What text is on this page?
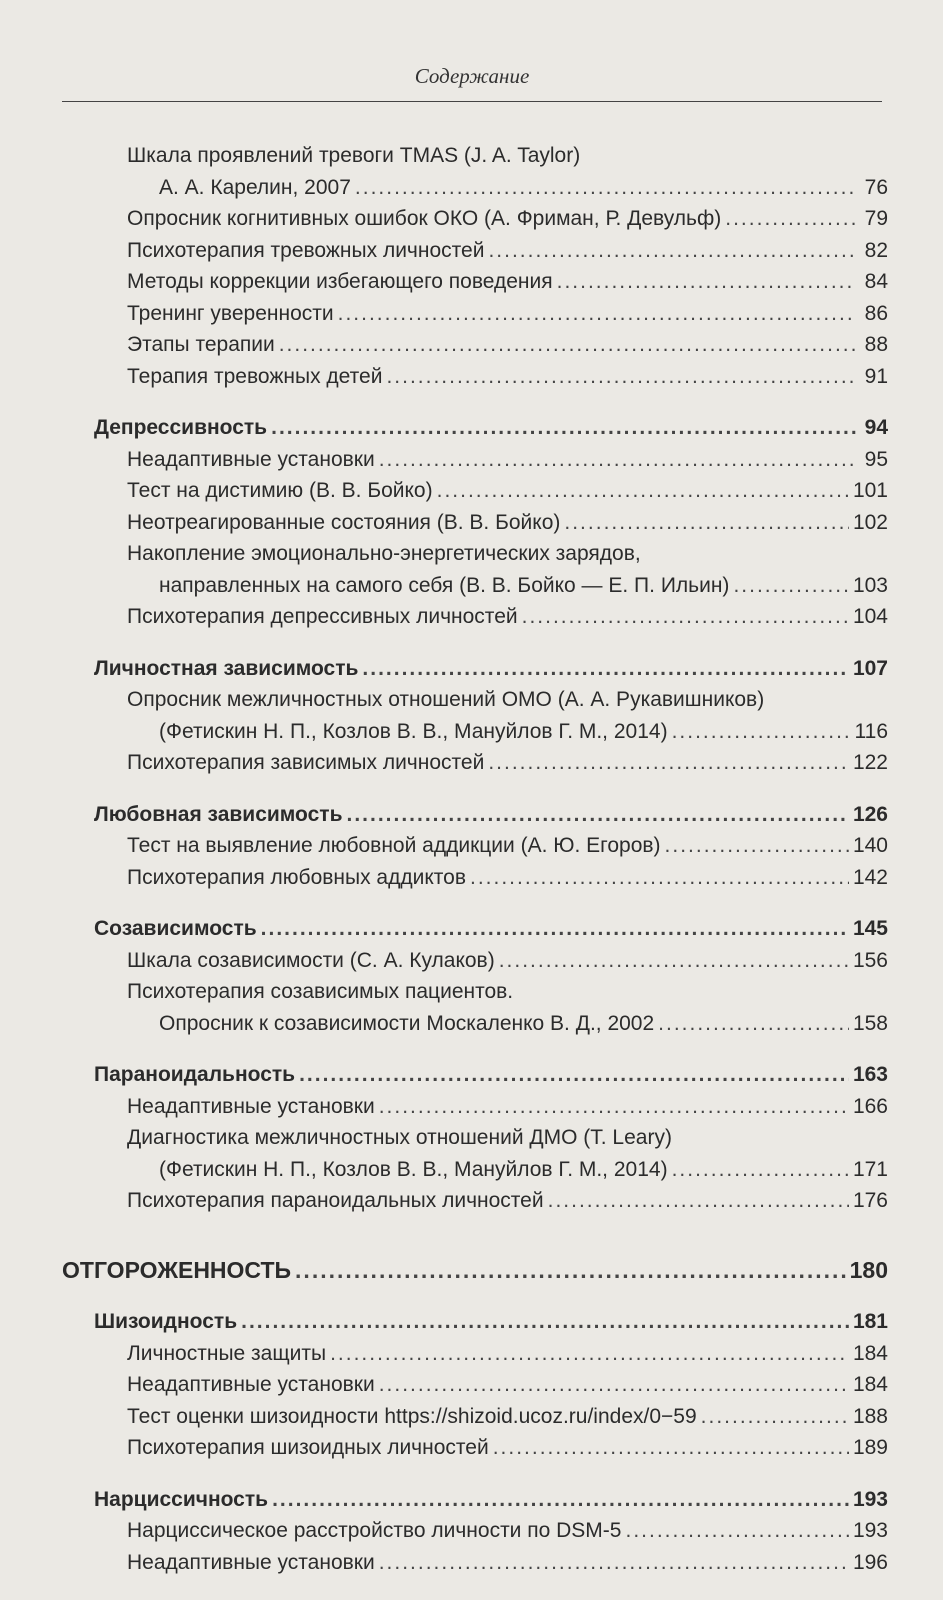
Содержание
Шкала проявлений тревоги TMAS (J. A. Taylor)
А. А. Карелин, 2007 .....	76
Опросник когнитивных ошибок ОКО (А. Фриман, Р. Девульф) .....	79
Психотерапия тревожных личностей .....	82
Методы коррекции избегающего поведения .....	84
Тренинг уверенности .....	86
Этапы терапии .....	88
Терапия тревожных детей .....	91
Депрессивность .....	94
Неадаптивные установки .....	95
Тест на дистимию (В. В. Бойко) .....	101
Неотреагированные состояния (В. В. Бойко) .....	102
Накопление эмоционально-энергетических зарядов,
направленных на самого себя (В. В. Бойко — Е. П. Ильин) .....	103
Психотерапия депрессивных личностей .....	104
Личностная зависимость .....	107
Опросник межличностных отношений ОМО (А. А. Рукавишников)
(Фетискин Н. П., Козлов В. В., Мануйлов Г. М., 2014) .....	116
Психотерапия зависимых личностей .....	122
Любовная зависимость .....	126
Тест на выявление любовной аддикции (А. Ю. Егоров) .....	140
Психотерапия любовных аддиктов .....	142
Созависимость .....	145
Шкала созависимости (С. А. Кулаков) .....	156
Психотерапия созависимых пациентов.
Опросник к созависимости Москаленко В. Д., 2002 .....	158
Параноидальность .....	163
Неадаптивные установки .....	166
Диагностика межличностных отношений ДМО (T. Leary)
(Фетискин Н. П., Козлов В. В., Мануйлов Г. М., 2014) .....	171
Психотерапия параноидальных личностей .....	176
ОТГОРОЖЕННОСТЬ .....	180
Шизоидность .....	181
Личностные защиты .....	184
Неадаптивные установки .....	184
Тест оценки шизоидности https://shizoid.ucoz.ru/index/0−59 .....	188
Психотерапия шизоидных личностей .....	189
Нарциссичность .....	193
Нарциссическое расстройство личности по DSM-5 .....	193
Неадаптивные установки .....	196
